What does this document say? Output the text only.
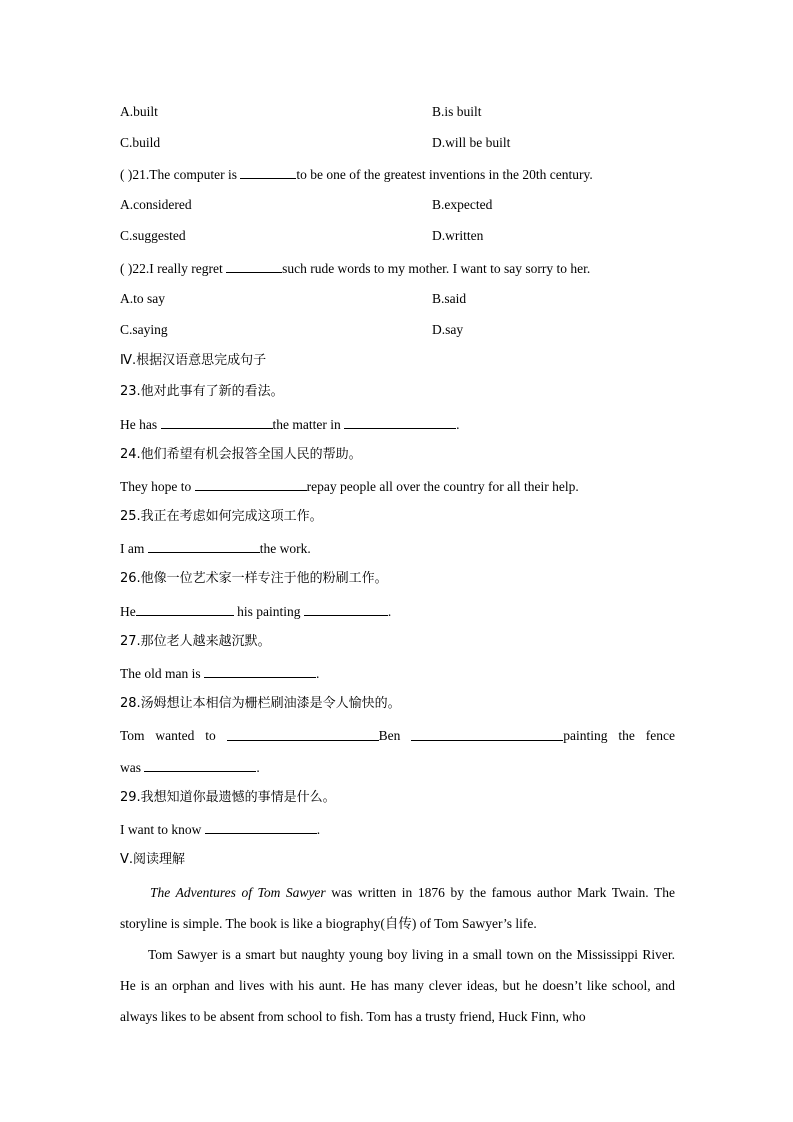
A.built	B.is built
C.build	D.will be built
( )21.The computer is	to be one of the greatest inventions in the 20th century.
A.considered	B.expected
C.suggested	D.written
( )22.I really regret	such rude words to my mother. I want to say sorry to her.
A.to say	B.said
C.saying	D.say
Ⅳ.根据汉语意思完成句子
23.他对此事有了新的看法。
He has	the matter in	.
24.他们希望有机会报答全国人民的帮助。
They hope to	repay people all over the country for all their help.
25.我正在考虑如何完成这项工作。
I am	the work.
26.他像一位艺术家一样专注于他的粉刷工作。
He	his painting	.
27.那位老人越来越沉默。
The old man is	.
28.汤姆想让本相信为栅栏刷油漆是令人愉快的。
Tom wanted to	Ben	painting the fence
was	.
29.我想知道你最遗憾的事情是什么。
I want to know	.
Ⅴ.阅读理解
The Adventures of Tom Sawyer was written in 1876 by the famous author Mark Twain. The storyline is simple. The book is like a biography(自传) of Tom Sawyer’s life.
Tom Sawyer is a smart but naughty young boy living in a small town on the Mississippi River. He is an orphan and lives with his aunt. He has many clever ideas, but he doesn’t like school, and always likes to be absent from school to fish. Tom has a trusty friend, Huck Finn, who
